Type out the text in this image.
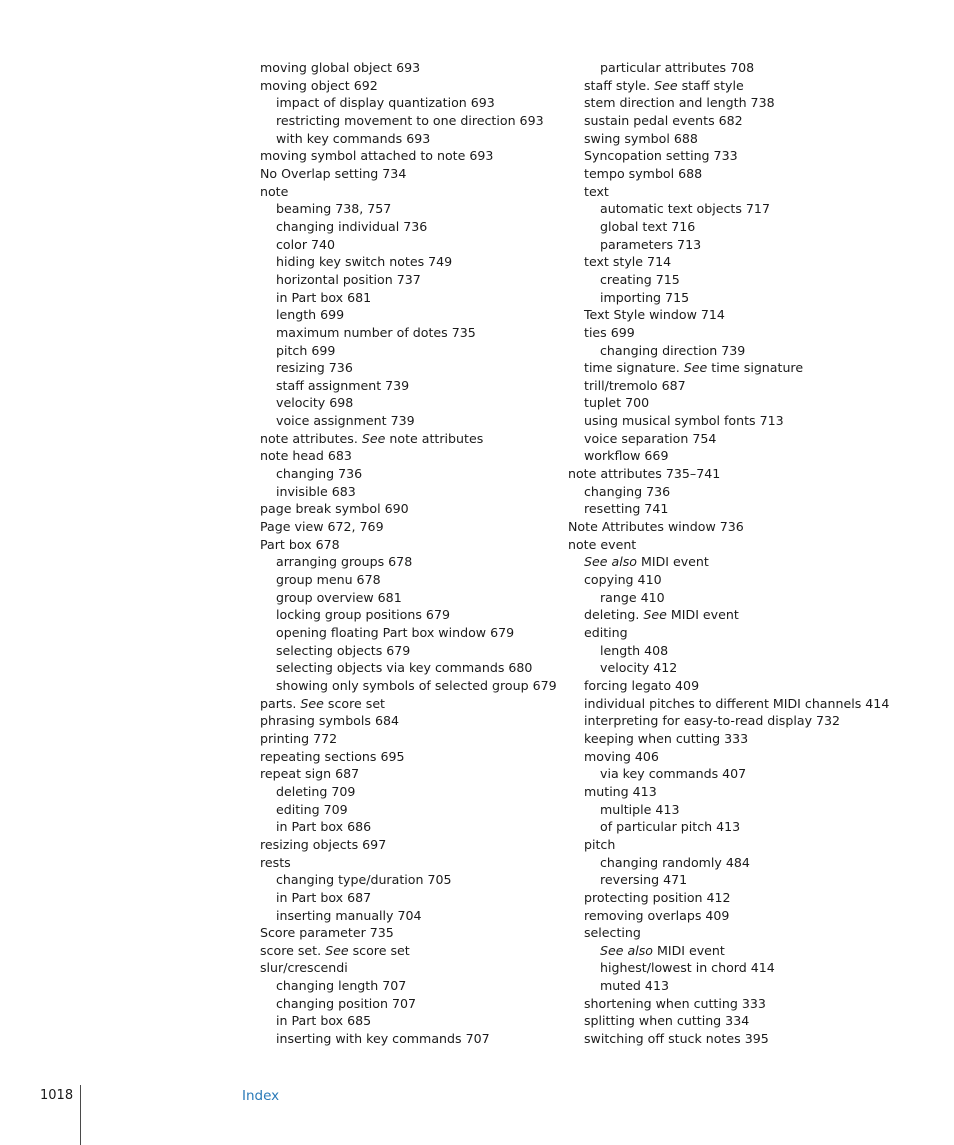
moving global object 693
moving object 692
impact of display quantization 693
restricting movement to one direction 693
with key commands 693
moving symbol attached to note 693
No Overlap setting 734
note
beaming 738, 757
changing individual 736
color 740
hiding key switch notes 749
horizontal position 737
in Part box 681
length 699
maximum number of dotes 735
pitch 699
resizing 736
staff assignment 739
velocity 698
voice assignment 739
note attributes. See note attributes
note head 683
changing 736
invisible 683
page break symbol 690
Page view 672, 769
Part box 678
arranging groups 678
group menu 678
group overview 681
locking group positions 679
opening floating Part box window 679
selecting objects 679
selecting objects via key commands 680
showing only symbols of selected group 679
parts. See score set
phrasing symbols 684
printing 772
repeating sections 695
repeat sign 687
deleting 709
editing 709
in Part box 686
resizing objects 697
rests
changing type/duration 705
in Part box 687
inserting manually 704
Score parameter 735
score set. See score set
slur/crescendi
changing length 707
changing position 707
in Part box 685
inserting with key commands 707
particular attributes 708
staff style. See staff style
stem direction and length 738
sustain pedal events 682
swing symbol 688
Syncopation setting 733
tempo symbol 688
text
automatic text objects 717
global text 716
parameters 713
text style 714
creating 715
importing 715
Text Style window 714
ties 699
changing direction 739
time signature. See time signature
trill/tremolo 687
tuplet 700
using musical symbol fonts 713
voice separation 754
workflow 669
note attributes 735–741
changing 736
resetting 741
Note Attributes window 736
note event
See also MIDI event
copying 410
range 410
deleting. See MIDI event
editing
length 408
velocity 412
forcing legato 409
individual pitches to different MIDI channels 414
interpreting for easy-to-read display 732
keeping when cutting 333
moving 406
via key commands 407
muting 413
multiple 413
of particular pitch 413
pitch
changing randomly 484
reversing 471
protecting position 412
removing overlaps 409
selecting
See also MIDI event
highest/lowest in chord 414
muted 413
shortening when cutting 333
splitting when cutting 334
switching off stuck notes 395
1018	Index
